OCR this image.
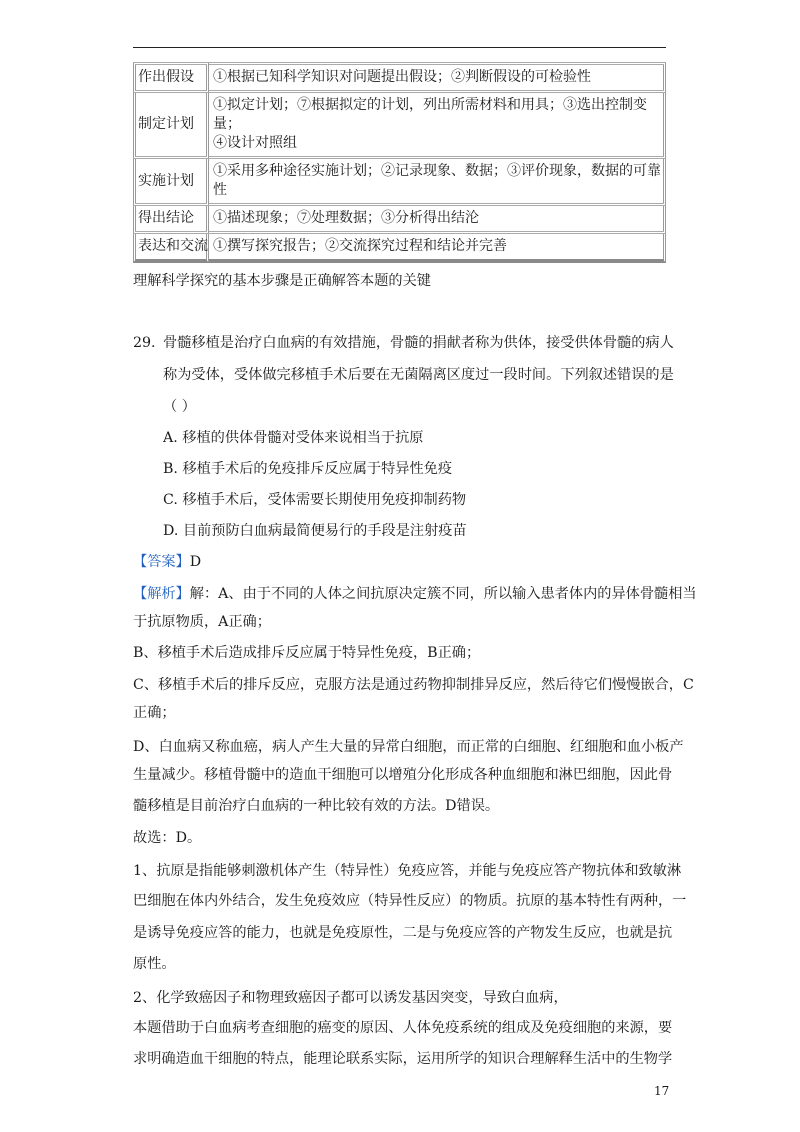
作出假设	①根据已知科学知识对问题提出假设；②判断假设的可检验性
制定计划	①拟定计划；⑦根据拟定的计划，列出所需材料和用具；③选出控制变量；
④设计对照组
实施计划	①采用多种途径实施计划；②记录现象、数据；③评价现象，数据的可靠性
得出结论	①描述现象；⑦处理数据；③分析得出结沦
表达和交流	①撰写探究报告；②交流探究过程和结论并完善
理解科学探究的基本步骤是正确解答本题的关键
29. 骨髓移植是治疗白血病的有效措施，骨髓的捐献者称为供体，接受供体骨髓的病人
称为受体，受体做完移植手术后要在无菌隔离区度过一段时间。下列叙述错误的是
（ ）
A. 移植的供体骨髓对受体来说相当于抗原
B. 移植手术后的免疫排斥反应属于特异性免疫
C. 移植手术后，受体需要长期使用免疫抑制药物
D. 目前预防白血病最简便易行的手段是注射疫苗
【答案】D
【解析】解：A、由于不同的人体之间抗原决定簇不同，所以输入患者体内的异体骨髓相当
于抗原物质，A正确；
B、移植手术后造成排斥反应属于特异性免疫，B正确；
C、移植手术后的排斥反应，克服方法是通过药物抑制排异反应，然后待它们慢慢嵌合，C
正确；
D、白血病又称血癌，病人产生大量的异常白细胞，而正常的白细胞、红细胞和血小板产
生量减少。移植骨髓中的造血干细胞可以增殖分化形成各种血细胞和淋巴细胞，因此骨
髓移植是目前治疗白血病的一种比较有效的方法。D错误。
故选：D。
1、抗原是指能够刺激机体产生（特异性）免疫应答，并能与免疫应答产物抗体和致敏淋
巴细胞在体内外结合，发生免疫效应（特异性反应）的物质。抗原的基本特性有两种，一
是诱导免疫应答的能力，也就是免疫原性，二是与免疫应答的产物发生反应，也就是抗
原性。
2、化学致癌因子和物理致癌因子都可以诱发基因突变，导致白血病，
本题借助于白血病考查细胞的癌变的原因、人体免疫系统的组成及免疫细胞的来源，要
求明确造血干细胞的特点，能理论联系实际，运用所学的知识合理解释生活中的生物学
17
